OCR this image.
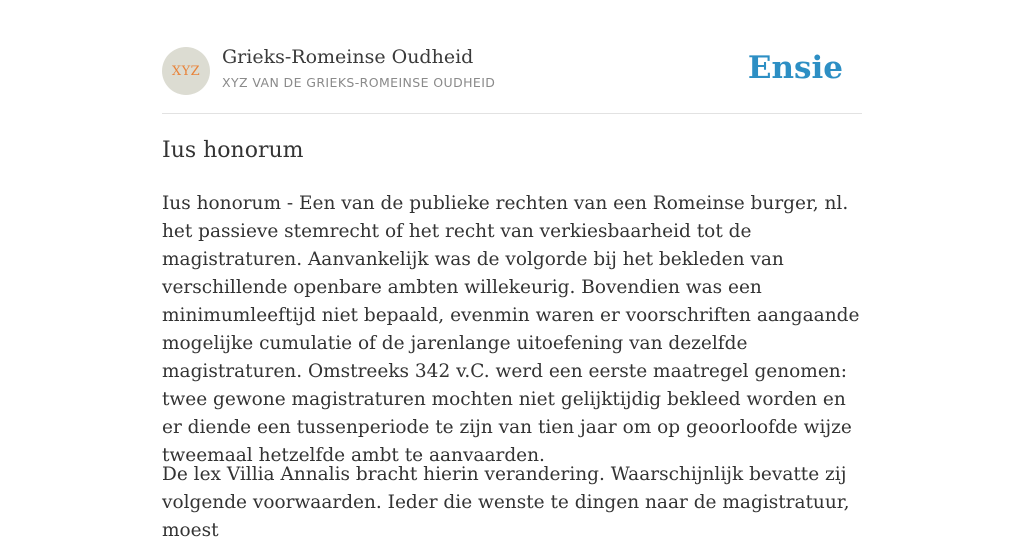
XYZ
Grieks-Romeinse Oudheid
XYZ VAN DE GRIEKS-ROMEINSE OUDHEID	Ensie
Ius honorum

Ius honorum - Een van de publieke rechten van een Romeinse burger, nl. het passieve stemrecht of het recht van verkiesbaarheid tot de magistraturen. Aanvankelijk was de volgorde bij het bekleden van verschillende openbare ambten willekeurig. Bovendien was een minimumleeftijd niet bepaald, evenmin waren er voorschriften aangaande mogelijke cumulatie of de jarenlange uitoefening van dezelfde magistraturen. Omstreeks 342 v.C. werd een eerste maatregel genomen: twee gewone magistraturen mochten niet gelijktijdig bekleed worden en er diende een tussenperiode te zijn van tien jaar om op geoorloofde wijze tweemaal hetzelfde ambt te aanvaarden.

De lex Villia Annalis bracht hierin verandering. Waarschijnlijk bevatte zij volgende voorwaarden. Ieder die wenste te dingen naar de magistratuur, moest
